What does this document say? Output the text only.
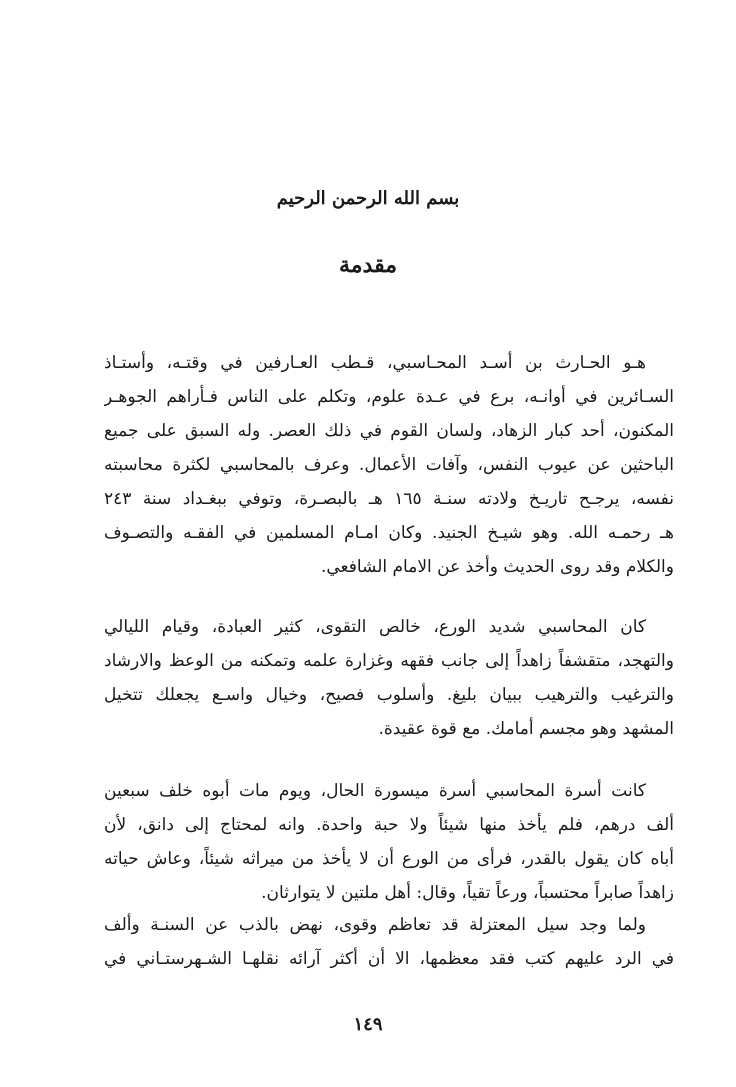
بسم الله الرحمن الرحيم
مقدمة
هـو الحـارث بن أسـد المحـاسبي، قـطب العـارفين في وقتـه، وأستـاذ
السـائرين في أوانـه، برع في عـدة علوم، وتكلم على الناس فـأراهم الجوهـر
المكنون، أحد كبار الزهاد، ولسان القوم في ذلك العصر. وله السبق على جميع
الباحثين عن عيوب النفس، وآفات الأعمال. وعرف بالمحاسبي لكثرة محاسبته
نفسه، يرجـح تاريـخ ولادته سنـة ١٦٥ هـ بالبصـرة، وتوفي ببغـداد سنة ٢٤٣
هـ رحمـه الله. وهو شيـخ الجنيد. وكان امـام المسلمين في الفقـه والتصـوف
والكلام وقد روى الحديث وأخذ عن الامام الشافعي.
كان المحاسبي شديد الورع، خالص التقوى، كثير العبادة، وقيام الليالي
والتهجد، متقشفاً زاهداً إلى جانب فقهه وغزارة علمه وتمكنه من الوعظ والارشاد
والترغيب والترهيب ببيان بليغ. وأسلوب فصيح، وخيال واسـع يجعلك تتخيل
المشهد وهو مجسم أمامك. مع قوة عقيدة.
كانت أسرة المحاسبي أسرة ميسورة الحال، ويوم مات أبوه خلف سبعين
ألف درهم، فلم يأخذ منها شيئاً ولا حبة واحدة. وانه لمحتاج إلى دانق، لأن
أباه كان يقول بالقدر، فرأى من الورع أن لا يأخذ من ميراثه شيئاً، وعاش حياته
زاهداً صابراً محتسباً، ورعاً تقياً، وقال: أهل ملتين لا يتوارثان.
ولما وجد سيل المعتزلة قد تعاظم وقوى، نهض بالذب عن السنـة وألف
في الرد عليهم كتب فقد معظمها، الا أن أكثر آرائه نقلهـا الشـهرستـاني في
١٤٩
